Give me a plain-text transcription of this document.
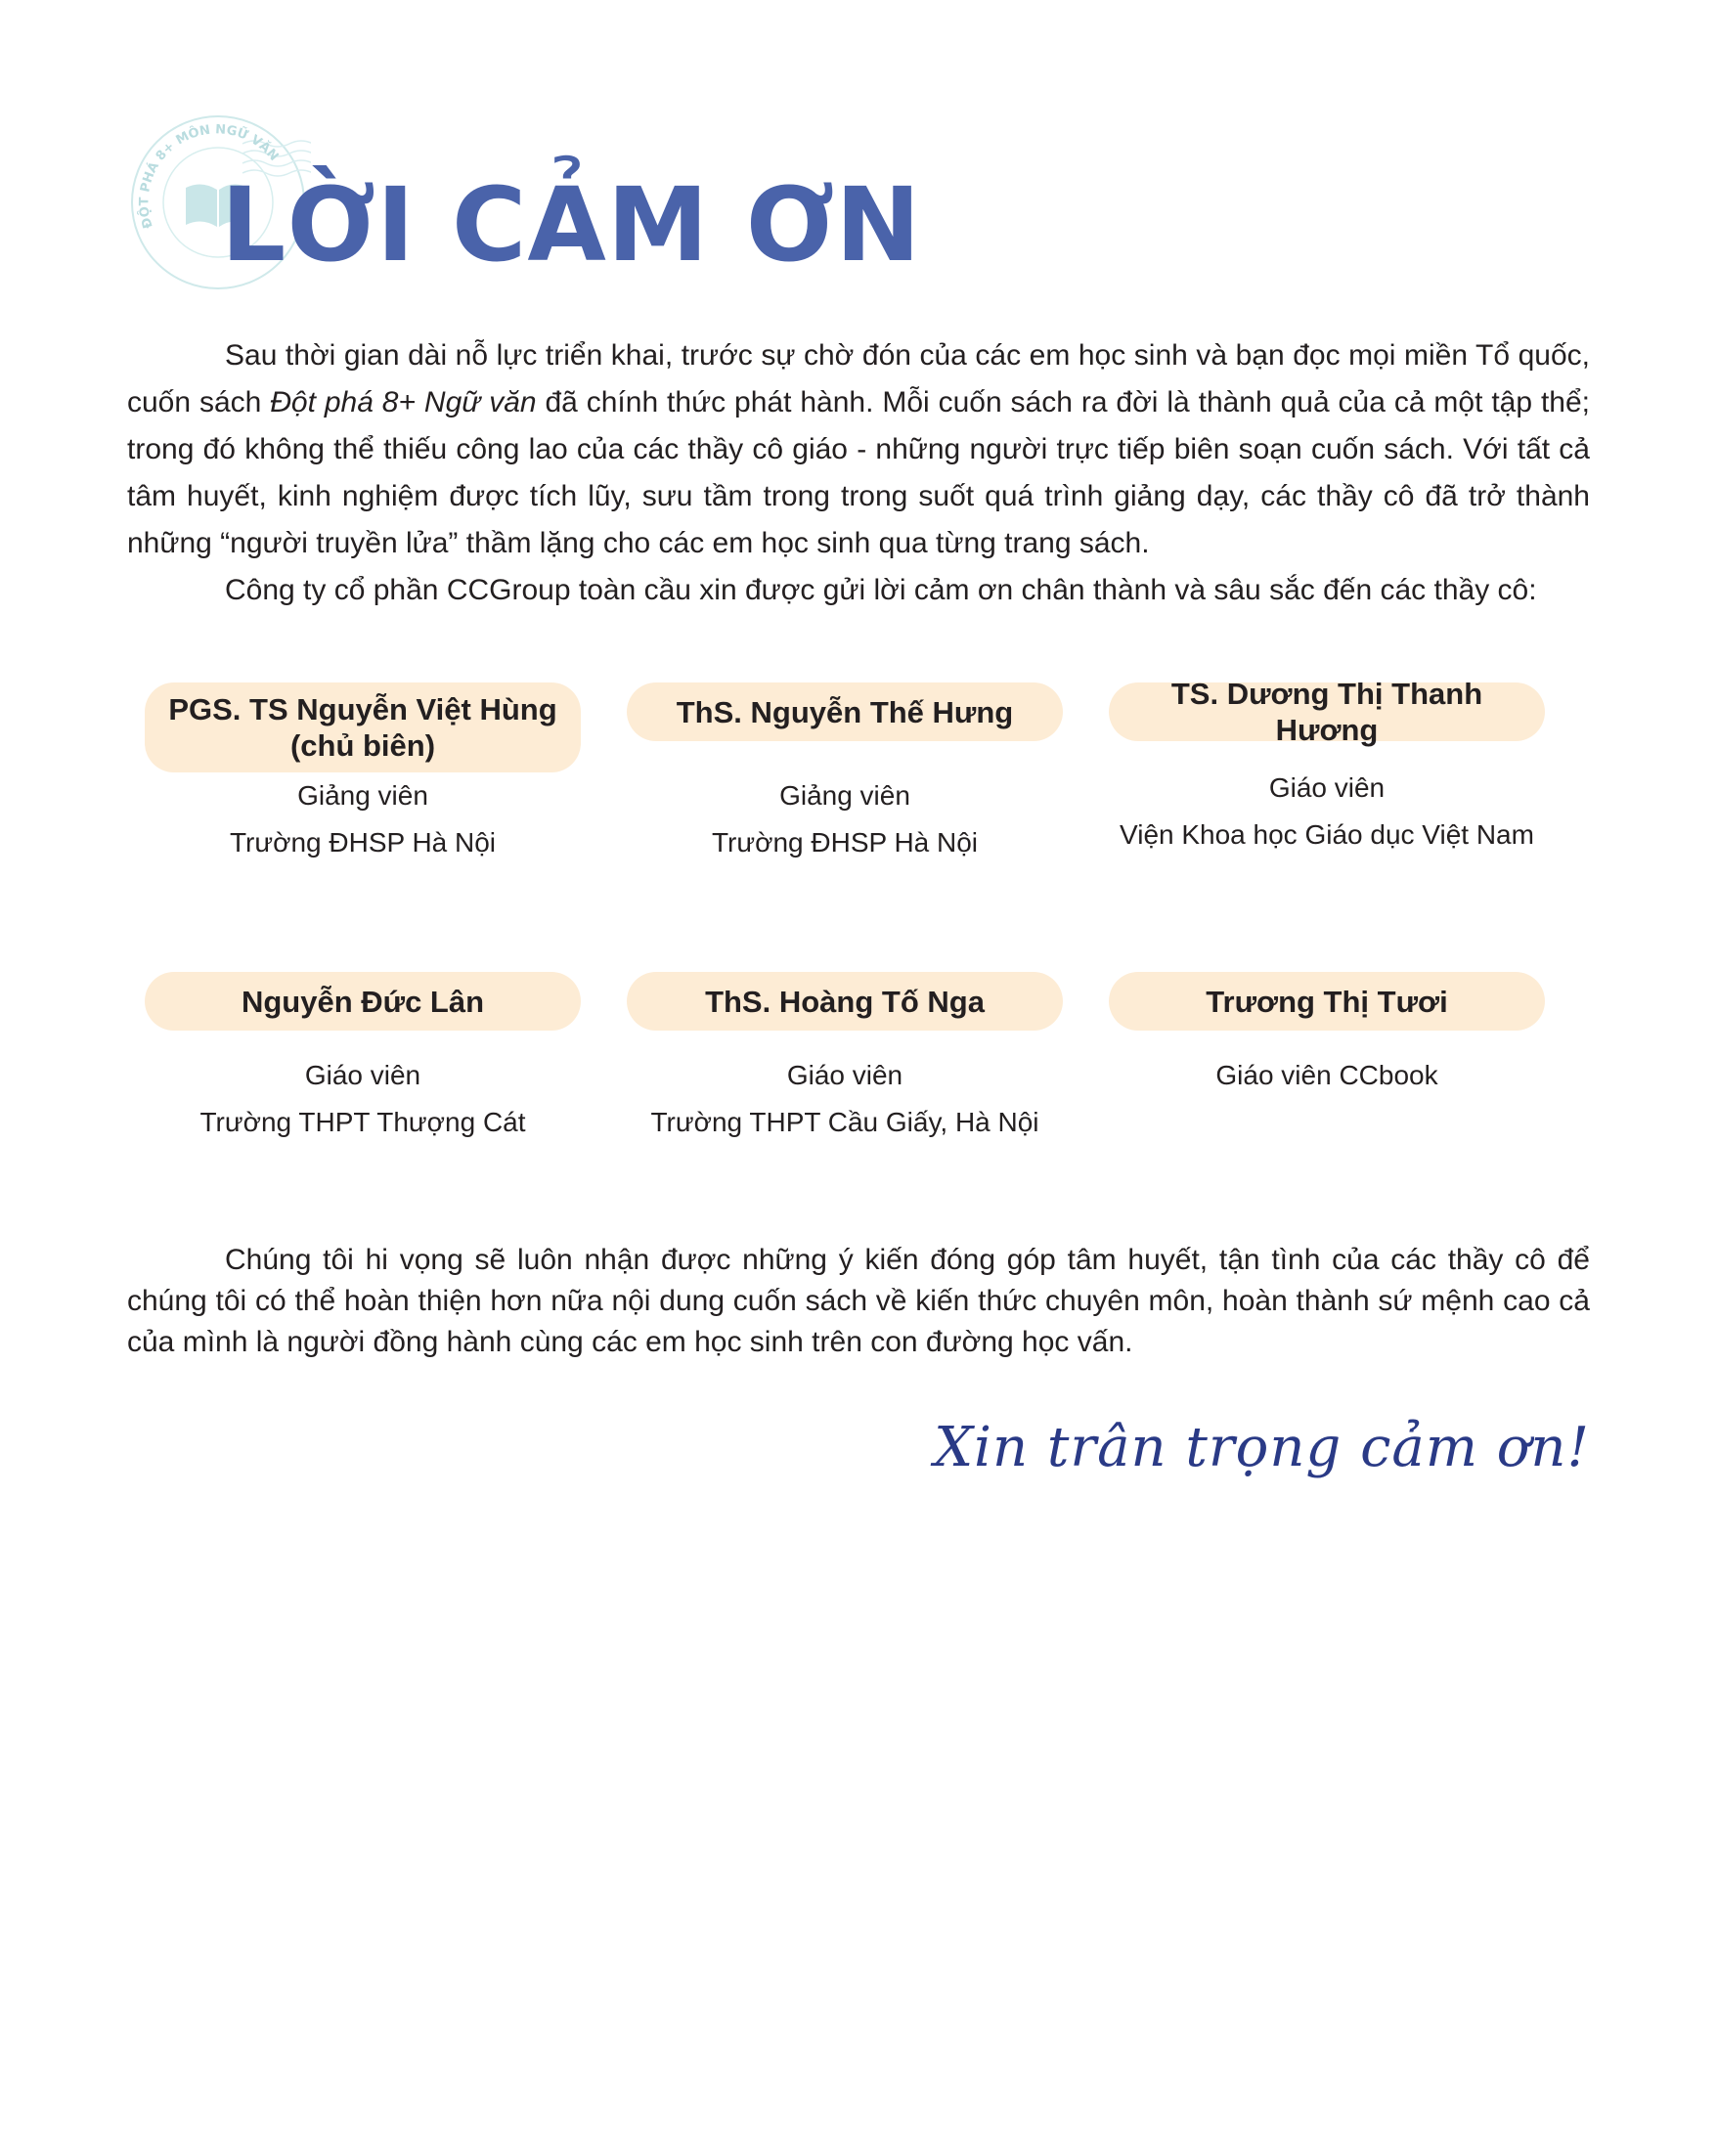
ĐỘT PHÁ 8+ MÔN NGỮ VĂN
LỜI CẢM ƠN

Sau thời gian dài nỗ lực triển khai, trước sự chờ đón của các em học sinh và bạn đọc mọi miền Tổ quốc, cuốn sách Đột phá 8+ Ngữ văn đã chính thức phát hành. Mỗi cuốn sách ra đời là thành quả của cả một tập thể; trong đó không thể thiếu công lao của các thầy cô giáo - những người trực tiếp biên soạn cuốn sách. Với tất cả tâm huyết, kinh nghiệm được tích lũy, sưu tầm trong trong suốt quá trình giảng dạy, các thầy cô đã trở thành những “người truyền lửa” thầm lặng cho các em học sinh qua từng trang sách.

Công ty cổ phần CCGroup toàn cầu xin được gửi lời cảm ơn chân thành và sâu sắc đến các thầy cô:

PGS. TS Nguyễn Việt Hùng
(chủ biên)
Giảng viên
Trường ĐHSP Hà Nội
ThS. Nguyễn Thế Hưng
Giảng viên
Trường ĐHSP Hà Nội
TS. Dương Thị Thanh Hương
Giáo viên
Viện Khoa học Giáo dục Việt Nam
Nguyễn Đức Lân
Giáo viên
Trường THPT Thượng Cát
ThS. Hoàng Tố Nga
Giáo viên
Trường THPT Cầu Giấy, Hà Nội
Trương Thị Tươi
Giáo viên CCbook

Chúng tôi hi vọng sẽ luôn nhận được những ý kiến đóng góp tâm huyết, tận tình của các thầy cô để chúng tôi có thể hoàn thiện hơn nữa nội dung cuốn sách về kiến thức chuyên môn, hoàn thành sứ mệnh cao cả của mình là người đồng hành cùng các em học sinh trên con đường học vấn.

Xin trân trọng cảm ơn!
